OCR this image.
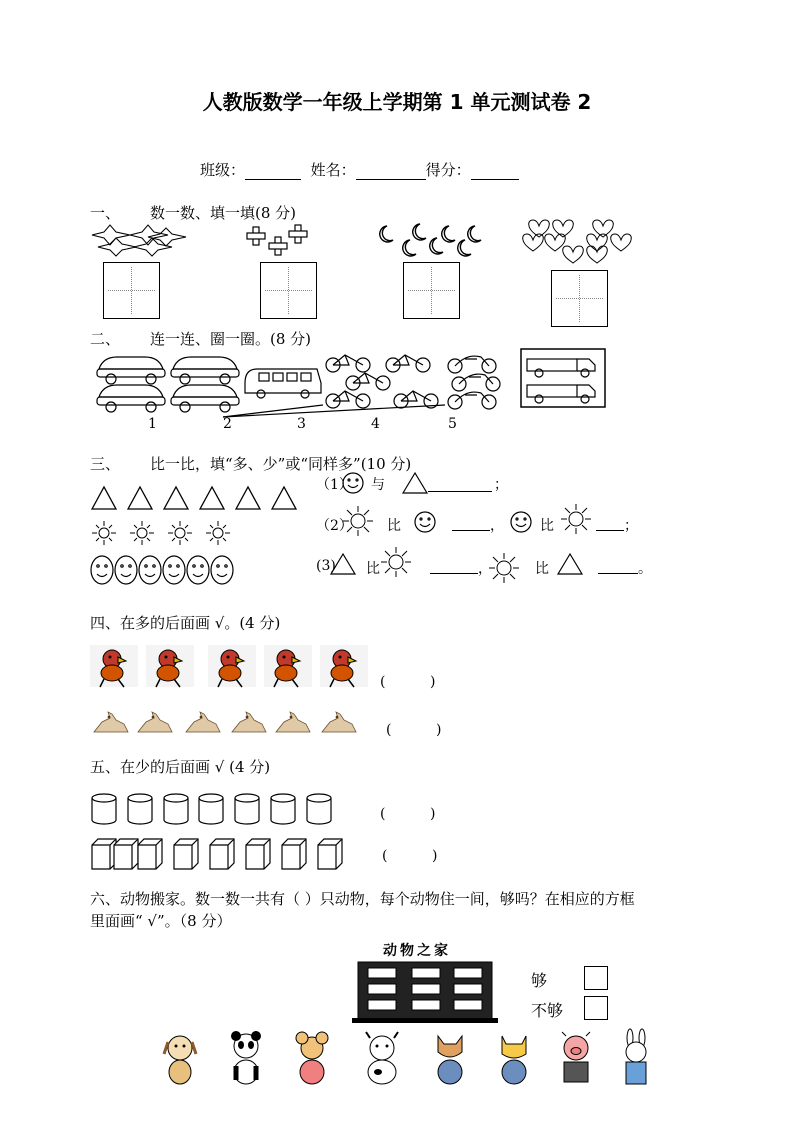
人教版数学一年级上学期第 1 单元测试卷 2
班级：	姓名：	得分：
一、 数一数、填一填(8 分)
二、 连一连、圈一圈。(8 分)
1	2	3	4	5
三、 比一比，填“多、少”或“同样多”(10 分)
（1） 与	；
（2） 比	，	比	；
(3) 比	，	比	。
四、在多的后面画 √。(4 分)
(          )
(          )
五、在少的后面画 √ (4 分)
(          )
(          )
六、动物搬家。数一数一共有（ ）只动物，每个动物住一间，够吗？在相应的方框
里面画“ √”。（8 分）
动物之家
够
不够
